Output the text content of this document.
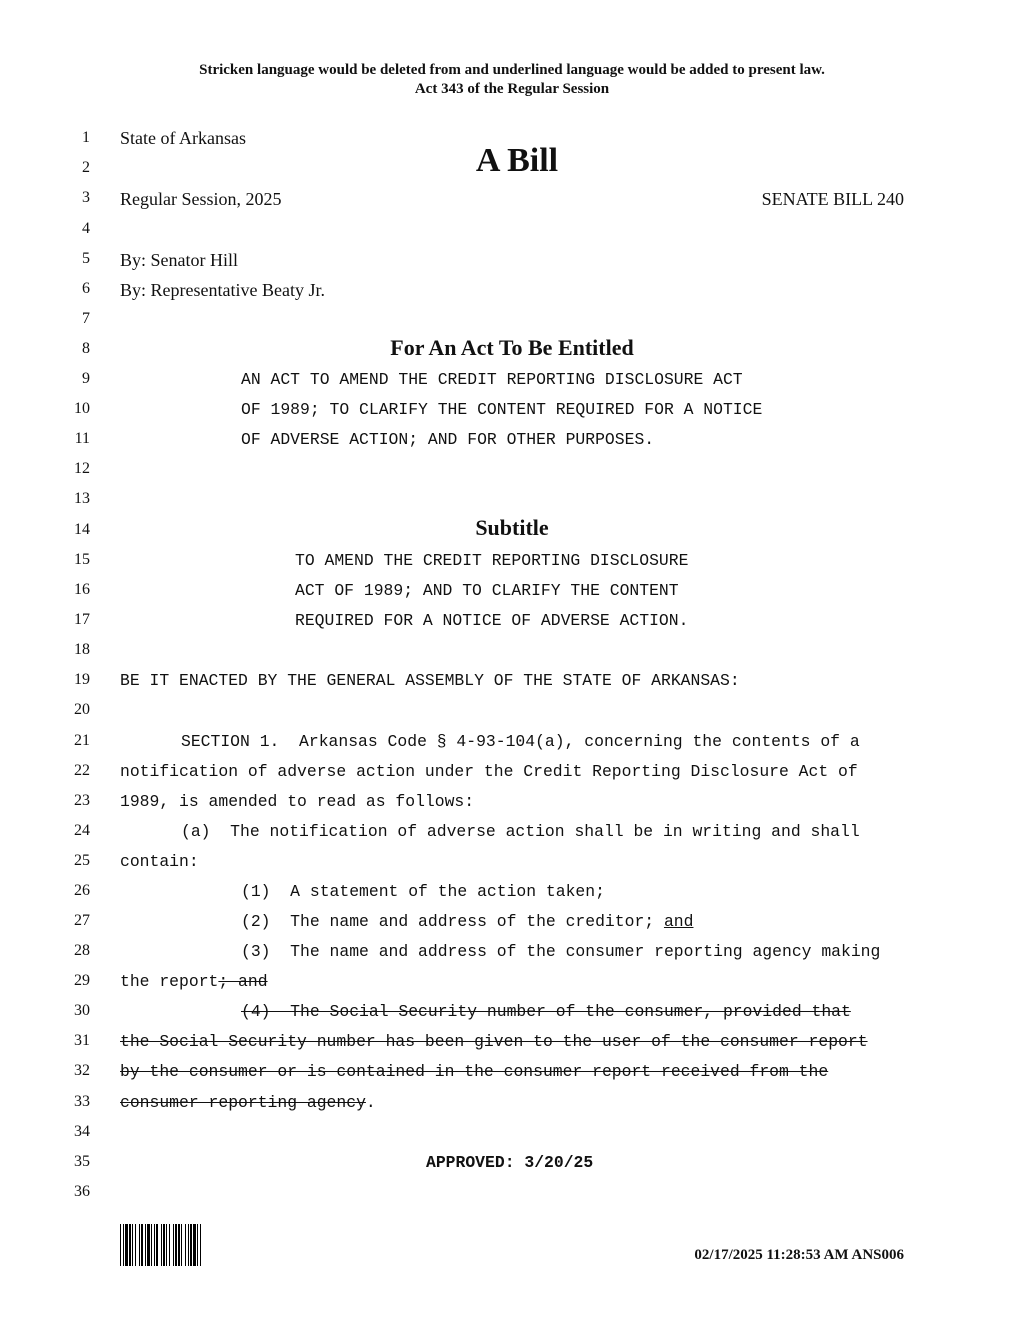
Stricken language would be deleted from and underlined language would be added to present law.
Act 343 of the Regular Session
1
2
3
4
5
6
7
8
9
10
11
12
13
14
15
16
17
18
19
20
21
22
23
24
25
26
27
28
29
30
31
32
33
34
35
36
State of Arkansas
A Bill
Regular Session, 2025	SENATE BILL 240
By: Senator Hill
By: Representative Beaty Jr.
For An Act To Be Entitled
AN ACT TO AMEND THE CREDIT REPORTING DISCLOSURE ACT
OF 1989; TO CLARIFY THE CONTENT REQUIRED FOR A NOTICE
OF ADVERSE ACTION; AND FOR OTHER PURPOSES.
Subtitle
TO AMEND THE CREDIT REPORTING DISCLOSURE
ACT OF 1989; AND TO CLARIFY THE CONTENT
REQUIRED FOR A NOTICE OF ADVERSE ACTION.
BE IT ENACTED BY THE GENERAL ASSEMBLY OF THE STATE OF ARKANSAS:
SECTION 1.  Arkansas Code § 4-93-104(a), concerning the contents of a
notification of adverse action under the Credit Reporting Disclosure Act of
1989, is amended to read as follows:
(a)  The notification of adverse action shall be in writing and shall
contain:
(1)  A statement of the action taken;
(2)  The name and address of the creditor; and
(3)  The name and address of the consumer reporting agency making
the report; and
(4)  The Social Security number of the consumer, provided that
the Social Security number has been given to the user of the consumer report
by the consumer or is contained in the consumer report received from the
consumer reporting agency.
APPROVED: 3/20/25
02/17/2025 11:28:53 AM ANS006
